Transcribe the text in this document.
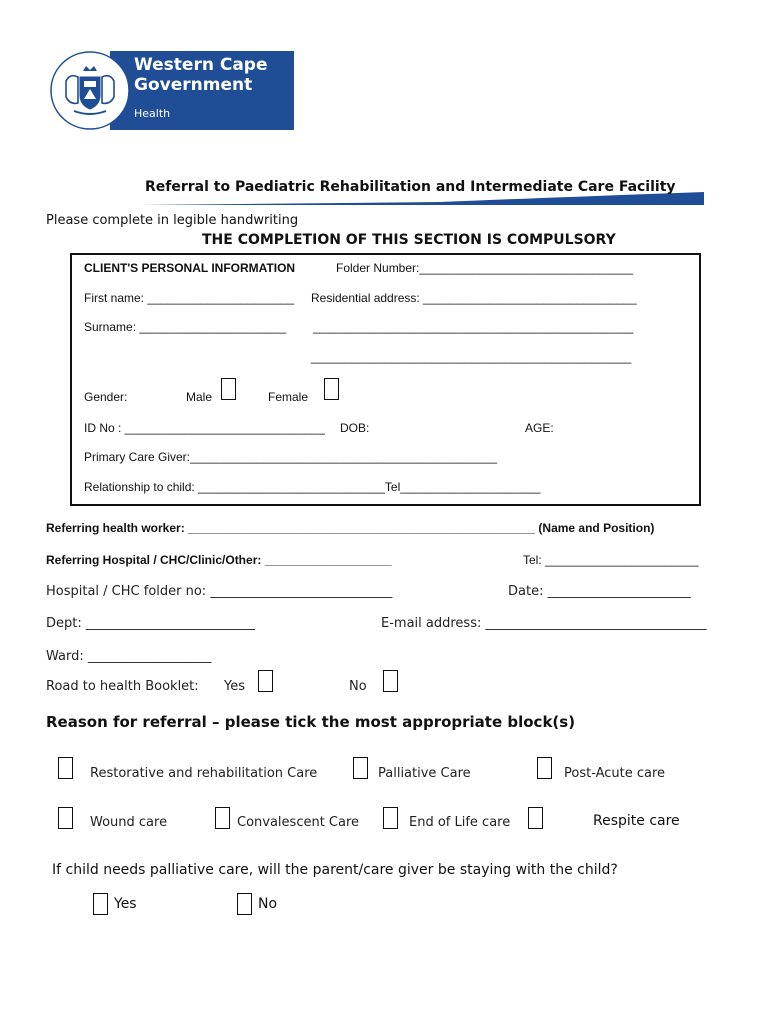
Western Cape
Government
Health
Referral to Paediatric Rehabilitation and Intermediate Care Facility
Please complete in legible handwriting
THE COMPLETION OF THIS SECTION IS COMPULSORY
CLIENT'S PERSONAL INFORMATION	Folder Number:________________________________
First name: ______________________ Residential address: ________________________________
Surname: ______________________ ________________________________________________
________________________________________________
Gender:	Male	Female
ID No : ______________________________ DOB:	AGE:
Primary Care Giver:______________________________________________
Relationship to child: ____________________________Tel_____________________
Referring health worker: ____________________________________________________ (Name and Position)
Referring Hospital / CHC/Clinic/Other: ___________________	Tel: _______________________
Hospital / CHC folder no: ____________________________	Date: ______________________
Dept: __________________________	E-mail address: __________________________________
Ward: ___________________
Road to health Booklet: Yes	No
Reason for referral – please tick the most appropriate block(s)
Restorative and rehabilitation Care	Palliative Care	Post-Acute care
Wound care	Convalescent Care	End of Life care	Respite care
If child needs palliative care, will the parent/care giver be staying with the child?
Yes	No
